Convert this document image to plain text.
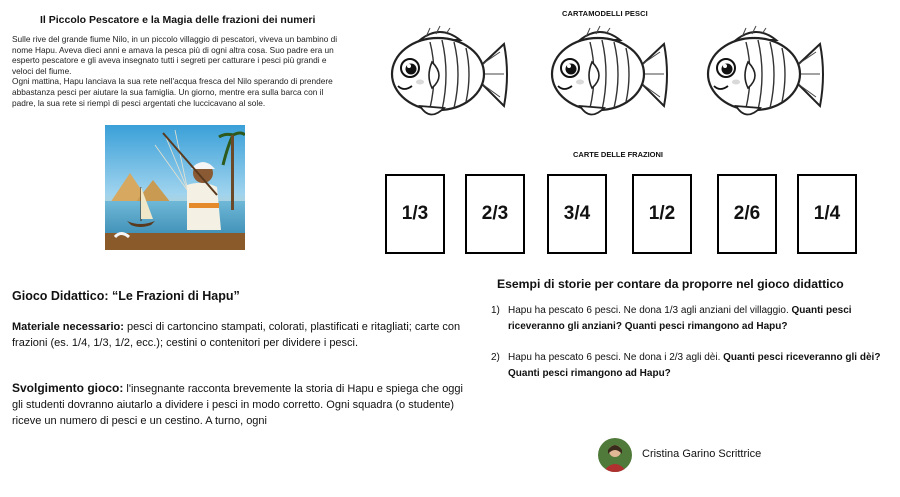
Il Piccolo Pescatore e la Magia delle frazioni dei numeri

Sulle rive del grande fiume Nilo, in un piccolo villaggio di pescatori, viveva un bambino di nome Hapu. Aveva dieci anni e amava la pesca più di ogni altra cosa. Suo padre era un esperto pescatore e gli aveva insegnato tutti i segreti per catturare i pesci più grandi e veloci del fiume.

Ogni mattina, Hapu lanciava la sua rete nell'acqua fresca del Nilo sperando di prendere abbastanza pesci per aiutare la sua famiglia. Un giorno, mentre era sulla barca con il padre, la sua rete si riempì di pesci argentati che luccicavano al sole.

Gioco Didattico: “Le Frazioni di Hapu”
Materiale necessario: pesci di cartoncino stampati, colorati, plastificati e ritagliati; carte con frazioni (es. 1/4, 1/3, 1/2, ecc.); cestini o contenitori per dividere i pesci.
Svolgimento gioco: l'insegnante racconta brevemente la storia di Hapu e spiega che oggi gli studenti dovranno aiutarlo a dividere i pesci in modo corretto. Ogni squadra (o studente) riceve un numero di pesci e un cestino. A turno, ogni
CARTAMODELLI PESCI
CARTE DELLE FRAZIONI
1/3	2/3	3/4	1/2	2/6	1/4
Esempi di storie per contare da proporre nel gioco didattico
1) Hapu ha pescato 6 pesci. Ne dona 1/3 agli anziani del villaggio. Quanti pesci riceveranno gli anziani? Quanti pesci rimangono ad Hapu?
2) Hapu ha pescato 6 pesci. Ne dona i 2/3 agli dèi. Quanti pesci riceveranno gli dèi? Quanti pesci rimangono ad Hapu?
Cristina Garino Scrittrice
